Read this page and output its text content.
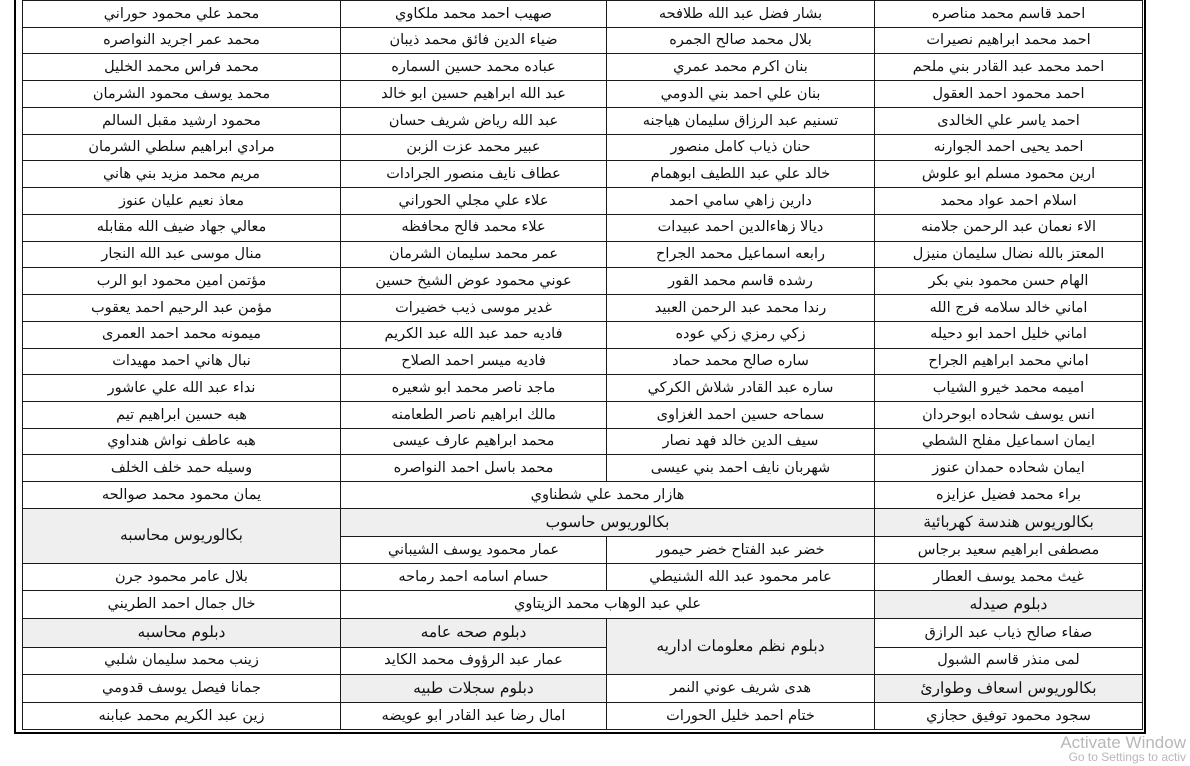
احمد قاسم محمد مناصره	بشار فضل عبد الله طلافحه	صهيب احمد محمد ملكاوي	محمد علي محمود حوراني
احمد محمد ابراهيم نصيرات	بلال محمد صالح الجمره	ضياء الدين فائق محمد ذيبان	محمد عمر اجريد النواصره
احمد محمد عبد القادر بني ملحم	بنان اكرم محمد عمري	عباده محمد حسين السماره	محمد فراس محمد الخليل
احمد محمود احمد العقول	بنان علي احمد بني الدومي	عبد الله ابراهيم حسين ابو خالد	محمد يوسف محمود الشرمان
احمد ياسر علي الخالدى	تسنيم عبد الرزاق سليمان هياجنه	عبد الله رياض شريف حسان	محمود ارشيد مقبل السالم
احمد يحيى احمد الجوارنه	حنان ذياب كامل منصور	عبير محمد عزت الزبن	مرادي ابراهيم سلطي الشرمان
ارين محمود مسلم ابو علوش	خالد علي عبد اللطيف ابوهمام	عطاف نايف منصور الجرادات	مريم محمد مزيد بني هاني
اسلام احمد عواد محمد	دارين زاهي سامي احمد	علاء علي مجلي الحوراني	معاذ نعيم عليان عنوز
الاء نعمان عبد الرحمن جلامنه	ديالا زهاءالدين احمد عبيدات	علاء محمد فالح محافظه	معالي جهاد ضيف الله مقابله
المعتز بالله نضال سليمان منيزل	رابعه اسماعيل محمد الجراح	عمر محمد سليمان الشرمان	منال موسى عبد الله النجار
الهام حسن محمود بني بكر	رشده قاسم محمد القور	عوني محمود عوض الشيخ حسين	مؤتمن امين محمود ابو الرب
اماني خالد سلامه فرج الله	رندا محمد عبد الرحمن العبيد	غدير موسى ذيب خضيرات	مؤمن عبد الرحيم احمد يعقوب
اماني خليل احمد ابو دحيله	زكي رمزي زكي عوده	فاديه حمد عبد الله عبد الكريم	ميمونه محمد احمد العمرى
اماني محمد ابراهيم الجراح	ساره صالح محمد حماد	فاديه ميسر احمد الصلاح	نبال هاني احمد مهيدات
اميمه محمد خيرو الشياب	ساره عبد القادر شلاش الكركي	ماجد ناصر محمد ابو شعيره	نداء عبد الله علي عاشور
انس يوسف شحاده ابوحردان	سماحه حسين احمد الغزاوى	مالك ابراهيم ناصر الطعامنه	هبه حسين ابراهيم تيم
ايمان اسماعيل مفلح الشطي	سيف الدين خالد فهد نصار	محمد ابراهيم عارف عيسى	هبه عاطف نواش هنداوي
ايمان شحاده حمدان عنوز	شهربان نايف احمد بني عيسى	محمد باسل احمد النواصره	وسيله حمد خلف الخلف
براء محمد فضيل عزايزه	هازار محمد علي شطناوي		يمان محمود محمد صوالحه
بكالوريوس هندسة كهربائية	بكالوريوس حاسوب		بكالوريوس محاسبه
مصطفى ابراهيم سعيد برجاس	خضر عبد الفتاح خضر حيمور	عمار محمود يوسف الشيباني	
غيث محمد يوسف العطار	عامر محمود عبد الله الشنيطي	حسام اسامه احمد رماحه	بلال عامر محمود جرن
دبلوم صيدله	علي عبد الوهاب محمد الزيتاوي		خال جمال احمد الطريني
صفاء صالح ذياب عبد الرازق	دبلوم نظم معلومات اداريه	دبلوم صحه عامه	دبلوم محاسبه
لمى منذر قاسم الشبول		عمار عبد الرؤوف محمد الكايد	زينب محمد سليمان شلبي
بكالوريوس اسعاف وطوارئ	هدى شريف عوني النمر	دبلوم سجلات طبيه	جمانا فيصل يوسف قدومي
سجود محمود توفيق حجازي	ختام احمد خليل الحورات	امال رضا عبد القادر ابو عويضه	زين عبد الكريم محمد عبابنه
Activate Window
Go to Settings to activ
